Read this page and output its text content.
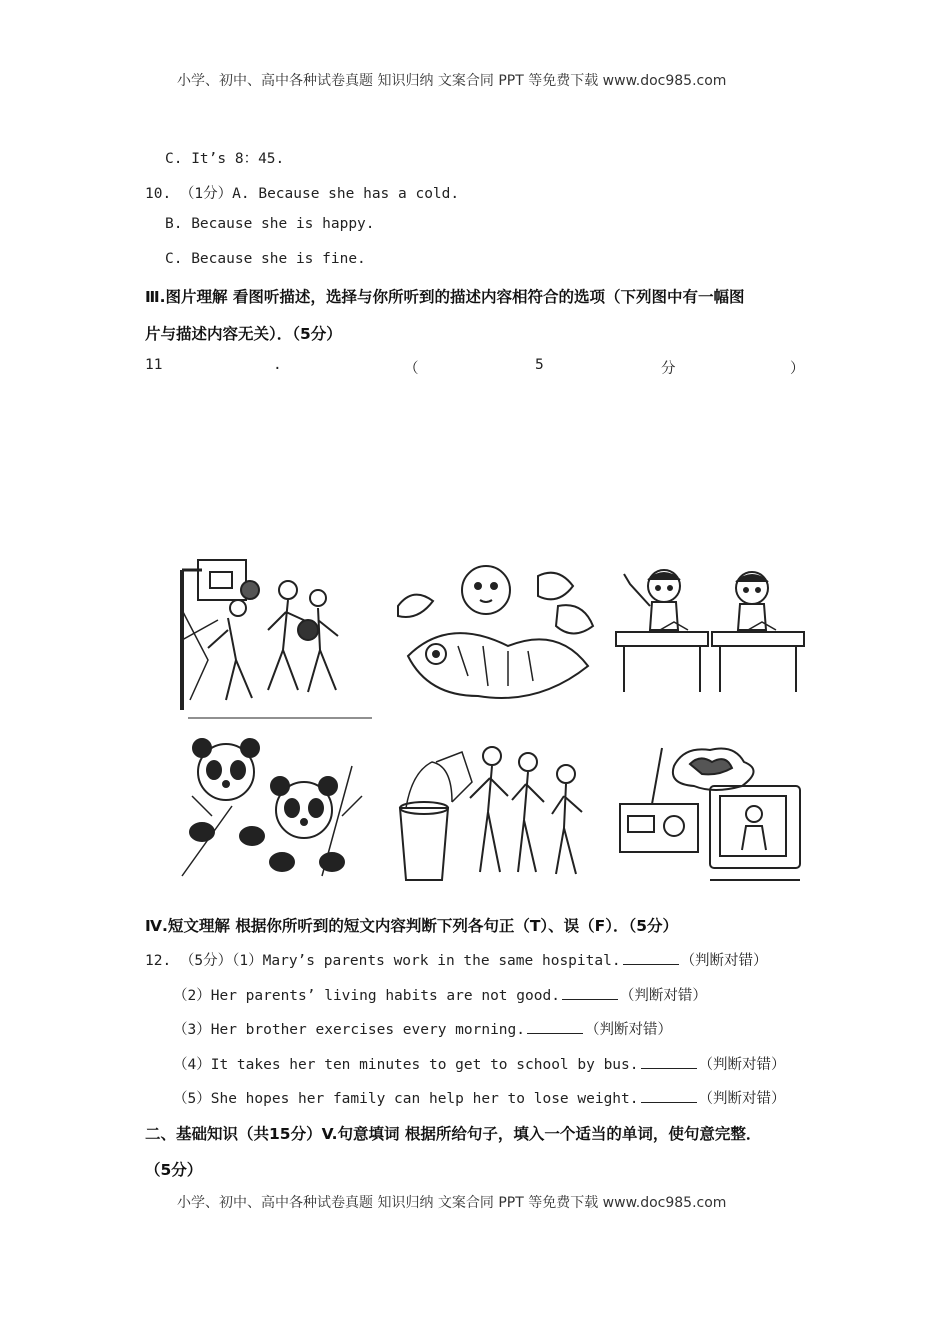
小学、初中、高中各种试卷真题 知识归纳 文案合同 PPT 等免费下载 www.doc985.com
C. It’s 8：45.
10. （1分）A. Because she has a cold.
B. Because she is happy.
C. Because she is fine.
Ⅲ.图片理解 看图听描述，选择与你所听到的描述内容相符合的选项（下列图中有一幅图
片与描述内容无关）．（5分）
11	.	（	5	分	）
Ⅳ.短文理解 根据你所听到的短文内容判断下列各句正（T）、误（F）．（5分）
12. （5分）（1）Mary’s parents work in the same hospital.	（判断对错）
（2）Her parents’ living habits are not good.	（判断对错）
（3）Her brother exercises every morning.	（判断对错）
（4）It takes her ten minutes to get to school by bus.	（判断对错）
（5）She hopes her family can help her to lose weight.	（判断对错）
二、基础知识（共15分）V.句意填词 根据所给句子，填入一个适当的单词，使句意完整．
（5分）
小学、初中、高中各种试卷真题 知识归纳 文案合同 PPT 等免费下载 www.doc985.com
